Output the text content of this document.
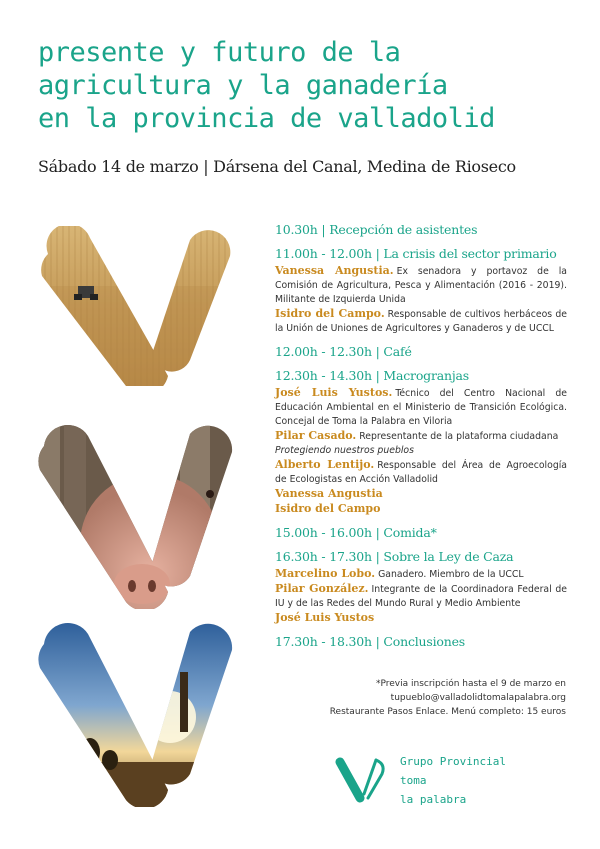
presente y futuro de la
agricultura y la ganadería
en la provincia de valladolid
Sábado 14 de marzo | Dársena del Canal, Medina de Rioseco
10.30h | Recepción de asistentes
11.00h - 12.00h | La crisis del sector primario

Vanessa Angustia. Ex senadora y portavoz de la Comisión de Agricultura, Pesca y Alimentación (2016 - 2019). Militante de Izquierda Unida

Isidro del Campo. Responsable de cultivos herbáceos de la Unión de Uniones de Agricultores y Ganaderos y de UCCL

12.00h - 12.30h | Café
12.30h - 14.30h | Macrogranjas

José Luis Yustos. Técnico del Centro Nacional de Educación Ambiental en el Ministerio de Transición Ecológica. Concejal de Toma la Palabra en Viloria

Pilar Casado. Representante de la plataforma ciudadana
Protegiendo nuestros pueblos

Alberto Lentijo. Responsable del Área de Agroecología de Ecologistas en Acción Valladolid

Vanessa Angustia

Isidro del Campo

15.00h - 16.00h | Comida*
16.30h - 17.30h | Sobre la Ley de Caza

Marcelino Lobo. Ganadero. Miembro de la UCCL

Pilar González. Integrante de la Coordinadora Federal de IU y de las Redes del Mundo Rural y Medio Ambiente

José Luis Yustos

17.30h - 18.30h | Conclusiones
*Previa inscripción hasta el 9 de marzo en
tupueblo@valladolidtomalapalabra.org
Restaurante Pasos Enlace. Menú completo: 15 euros
Grupo Provincial
toma
la palabra
